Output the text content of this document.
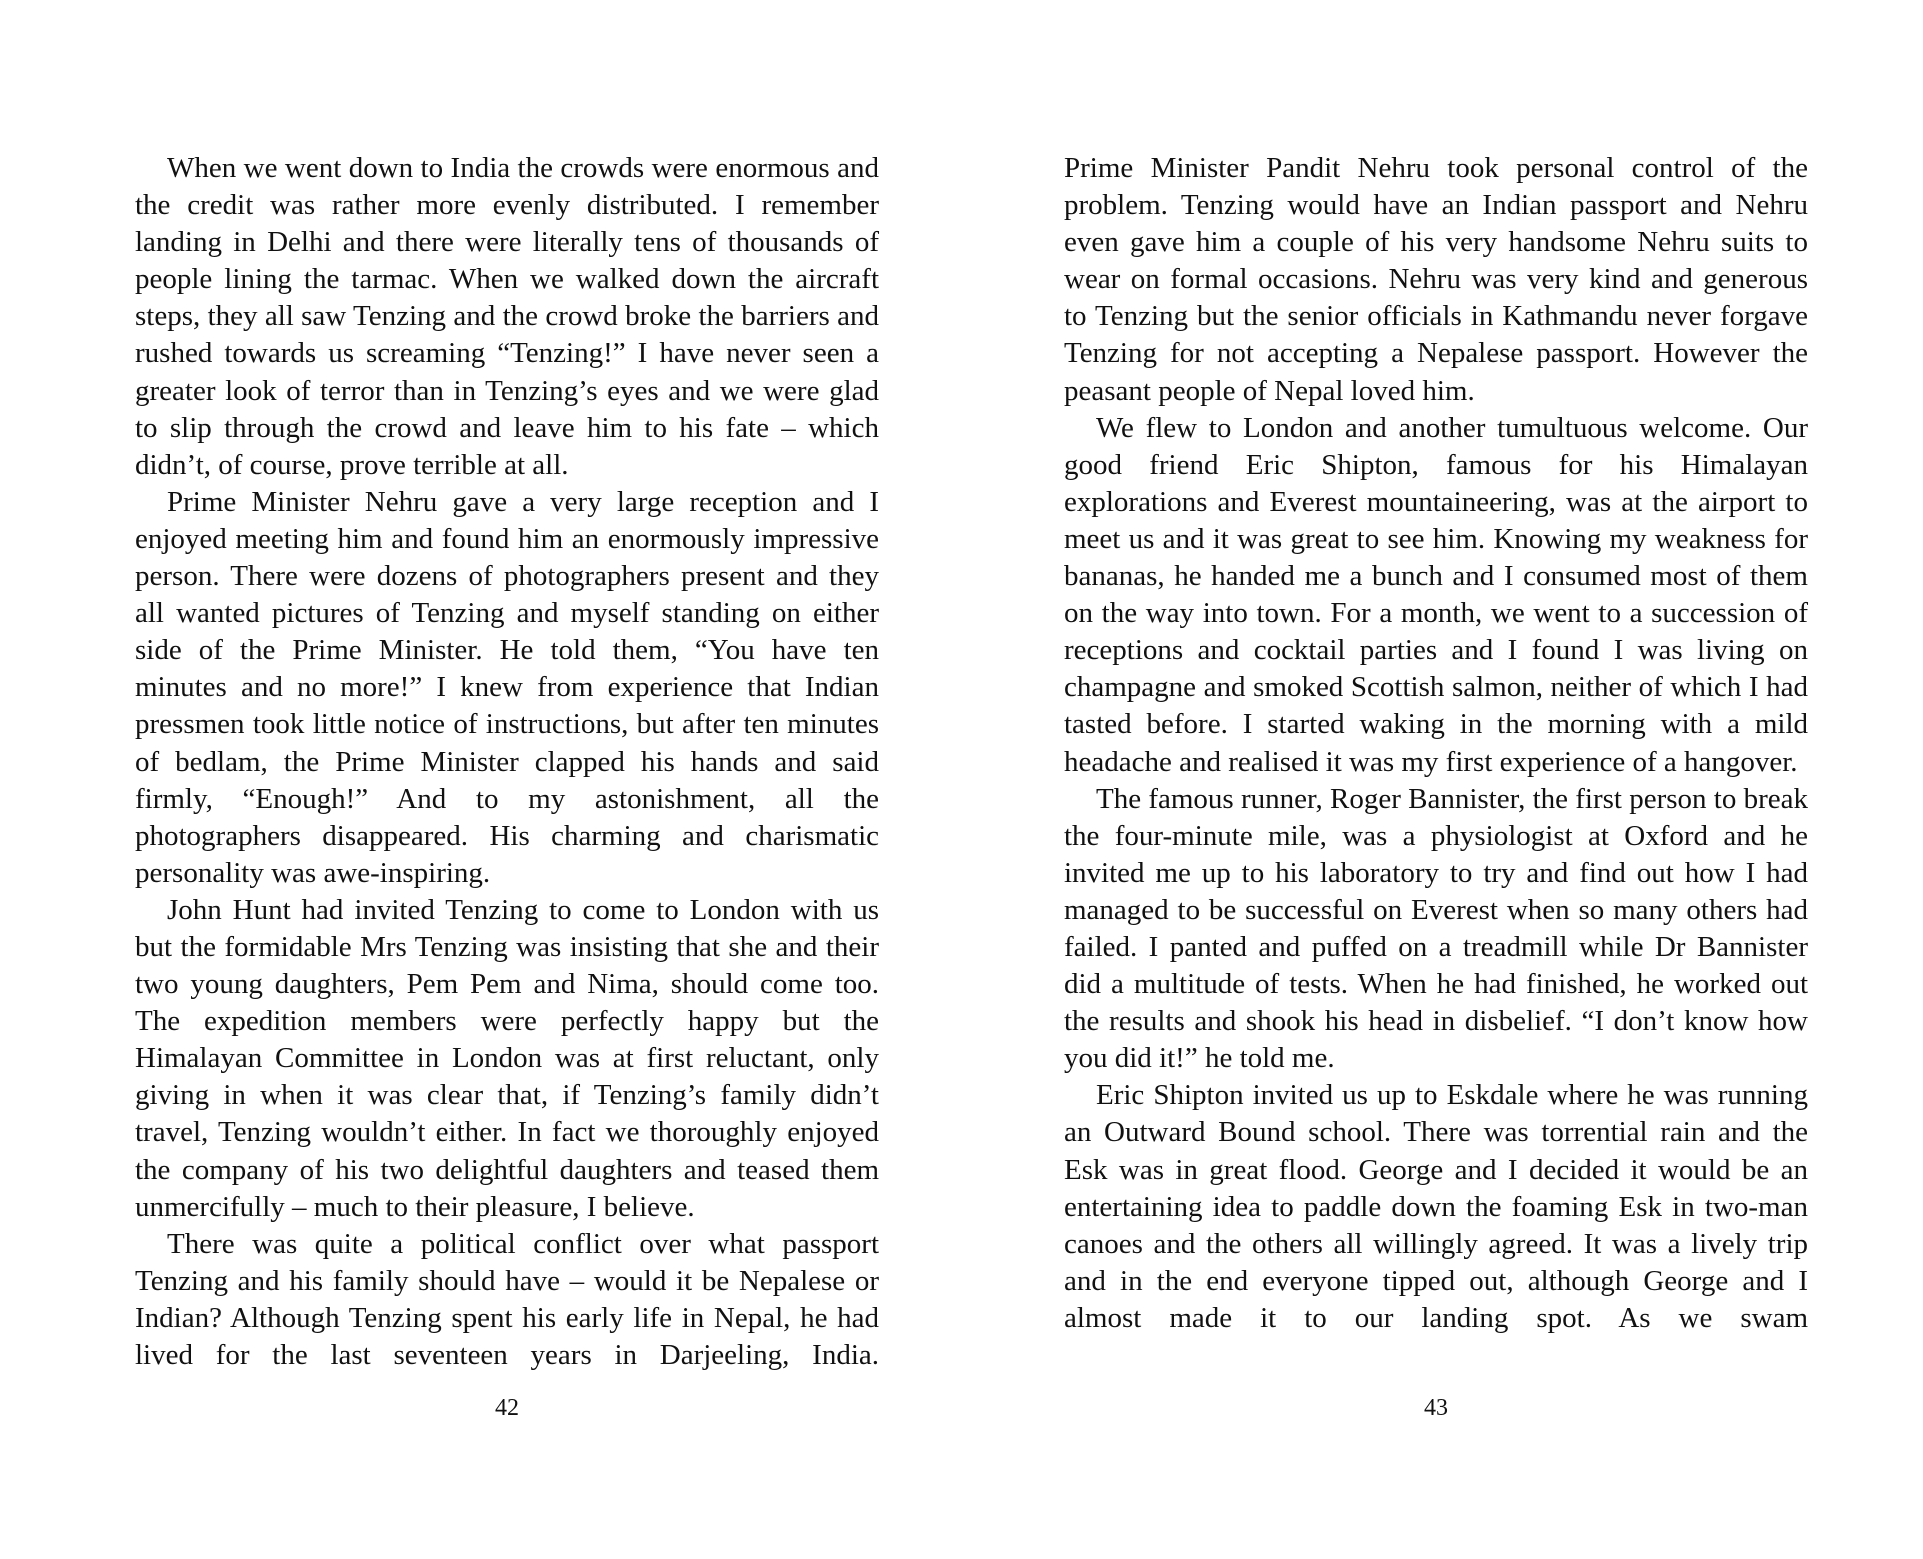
When we went down to India the crowds were enormous and the credit was rather more evenly distributed. I remember landing in Delhi and there were literally tens of thousands of people lining the tarmac. When we walked down the aircraft steps, they all saw Tenzing and the crowd broke the barriers and rushed towards us screaming “Tenzing!” I have never seen a greater look of terror than in Tenzing’s eyes and we were glad to slip through the crowd and leave him to his fate – which didn’t, of course, prove terrible at all.

Prime Minister Nehru gave a very large reception and I enjoyed meeting him and found him an enormously impressive person. There were dozens of photographers present and they all wanted pictures of Tenzing and myself standing on either side of the Prime Minister. He told them, “You have ten minutes and no more!” I knew from experience that Indian pressmen took little notice of instructions, but after ten minutes of bedlam, the Prime Minister clapped his hands and said firmly, “Enough!” And to my astonishment, all the photographers disappeared. His charming and charismatic personality was awe-inspiring.

John Hunt had invited Tenzing to come to London with us but the formidable Mrs Tenzing was insisting that she and their two young daughters, Pem Pem and Nima, should come too. The expedition members were perfectly happy but the Himalayan Committee in London was at first reluctant, only giving in when it was clear that, if Tenzing’s family didn’t travel, Tenzing wouldn’t either. In fact we thoroughly enjoyed the company of his two delightful daughters and teased them unmercifully – much to their pleasure, I believe.

There was quite a political conflict over what passport Tenzing and his family should have – would it be Nepalese or Indian? Although Tenzing spent his early life in Nepal, he had lived for the last seventeen years in Darjeeling, India.

42

Prime Minister Pandit Nehru took personal control of the problem. Tenzing would have an Indian passport and Nehru even gave him a couple of his very handsome Nehru suits to wear on formal occasions. Nehru was very kind and generous to Tenzing but the senior officials in Kathmandu never forgave Tenzing for not accepting a Nepalese passport. However the peasant people of Nepal loved him.

We flew to London and another tumultuous welcome. Our good friend Eric Shipton, famous for his Himalayan explorations and Everest mountaineering, was at the airport to meet us and it was great to see him. Knowing my weakness for bananas, he handed me a bunch and I consumed most of them on the way into town. For a month, we went to a succession of receptions and cocktail parties and I found I was living on champagne and smoked Scottish salmon, neither of which I had tasted before. I started waking in the morning with a mild headache and realised it was my first experience of a hangover.

The famous runner, Roger Bannister, the first person to break the four-minute mile, was a physiologist at Oxford and he invited me up to his laboratory to try and find out how I had managed to be successful on Everest when so many others had failed. I panted and puffed on a treadmill while Dr Bannister did a multitude of tests. When he had finished, he worked out the results and shook his head in disbelief. “I don’t know how you did it!” he told me.

Eric Shipton invited us up to Eskdale where he was running an Outward Bound school. There was torrential rain and the Esk was in great flood. George and I decided it would be an entertaining idea to paddle down the foaming Esk in two-man canoes and the others all willingly agreed. It was a lively trip and in the end everyone tipped out, although George and I almost made it to our landing spot. As we swam

43
